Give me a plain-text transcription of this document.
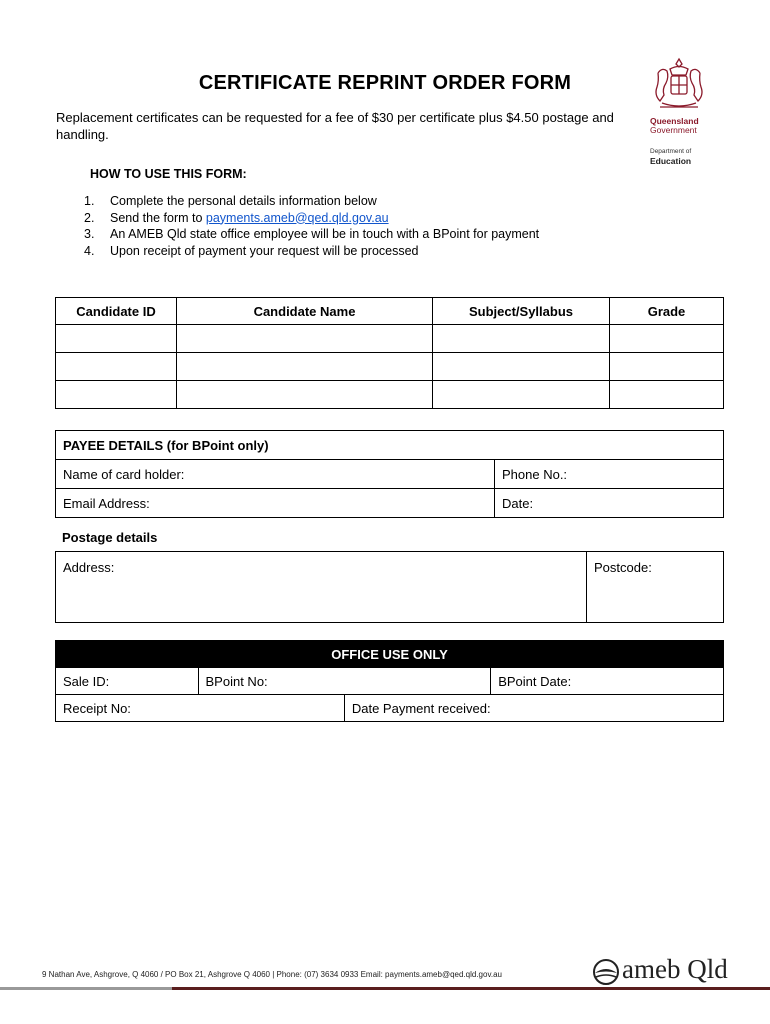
CERTIFICATE REPRINT ORDER FORM
Replacement certificates can be requested for a fee of $30 per certificate plus $4.50 postage and handling.
Queensland
Government
Department of
Education
HOW TO USE THIS FORM:
1. Complete the personal details information below
2. Send the form to payments.ameb@qed.qld.gov.au
3. An AMEB Qld state office employee will be in touch with a BPoint for payment
4. Upon receipt of payment your request will be processed
Candidate ID	Candidate Name	Subject/Syllabus	Grade

PAYEE DETAILS (for BPoint only)	
Name of card holder:	Phone No.:
Email Address:	Date:
Postage details
Address:	Postcode:
OFFICE USE ONLY			
Sale ID:	BPoint No:		BPoint Date:
Receipt No:		Date Payment received:	
9 Nathan Ave, Ashgrove, Q 4060 / PO Box 21, Ashgrove Q 4060 | Phone: (07) 3634 0933 Email: payments.ameb@qed.qld.gov.au	ameb Qld
